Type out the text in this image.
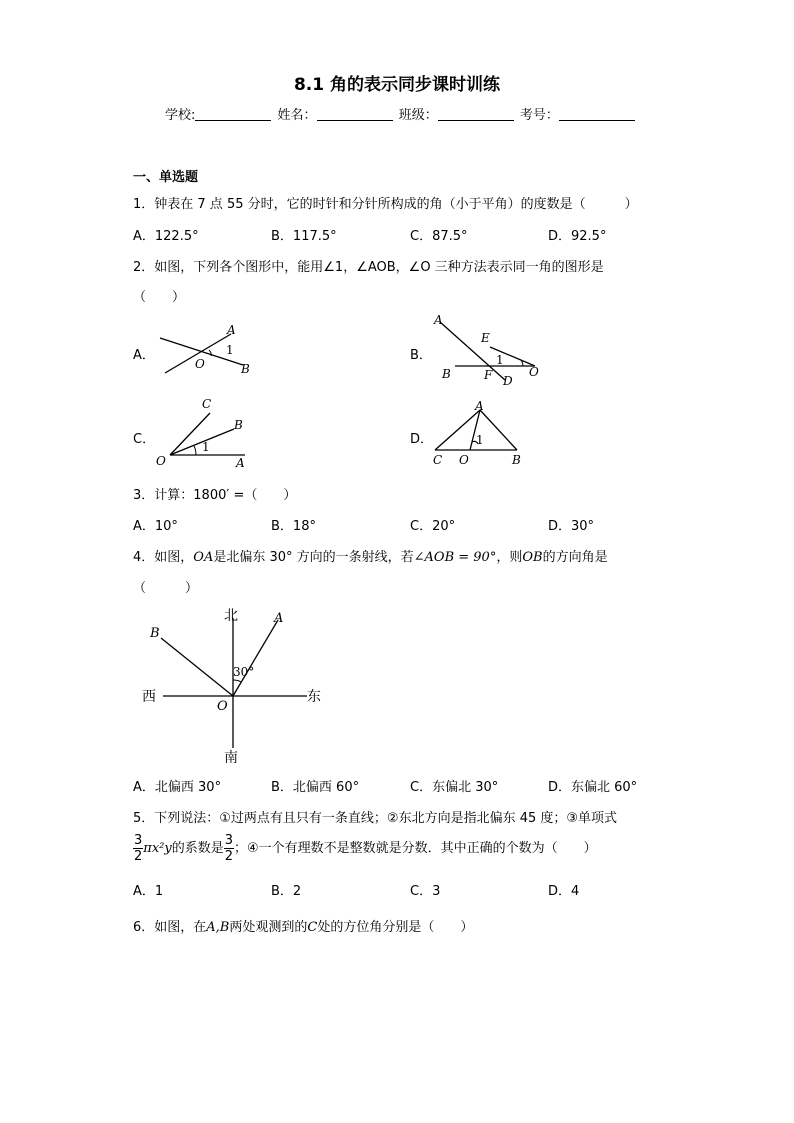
8.1 角的表示同步课时训练
学校:	姓名：	班级：	考号：
一、单选题
1．钟表在 7 点 55 分时，它的时针和分针所构成的角（小于平角）的度数是（　　　）
A．122.5°	B．117.5°	C．87.5°	D．92.5°
2．如图，下列各个图形中，能用∠1，∠AOB，∠O 三种方法表示同一角的图形是
（　　）
A．
A
1
O	B
B．
A
E
1
B	F D
O
C．
C
B
1
O	A
D．
A
1
C O	B
3．计算：1800′ =（　　）
A．10°	B．18°	C．20°	D．30°
4．如图，OA是北偏东 30° 方向的一条射线，若∠AOB = 90°，则OB的方向角是
（　　　）
北
南
西	东
A
B
O
30°
A．北偏西 30°	B．北偏西 60°	C．东偏北 30°	D．东偏北 60°
5．下列说法：①过两点有且只有一条直线；②东北方向是指北偏东 45 度；③单项式
$\frac{3}{2} \pi x^2y$的系数是 $\frac{3}{2}$ ；④一个有理数不是整数就是分数．其中正确的个数为（　　）
A．1	B．2	C．3	D．4
6．如图，在A,B两处观测到的C处的方位角分别是（　　）
